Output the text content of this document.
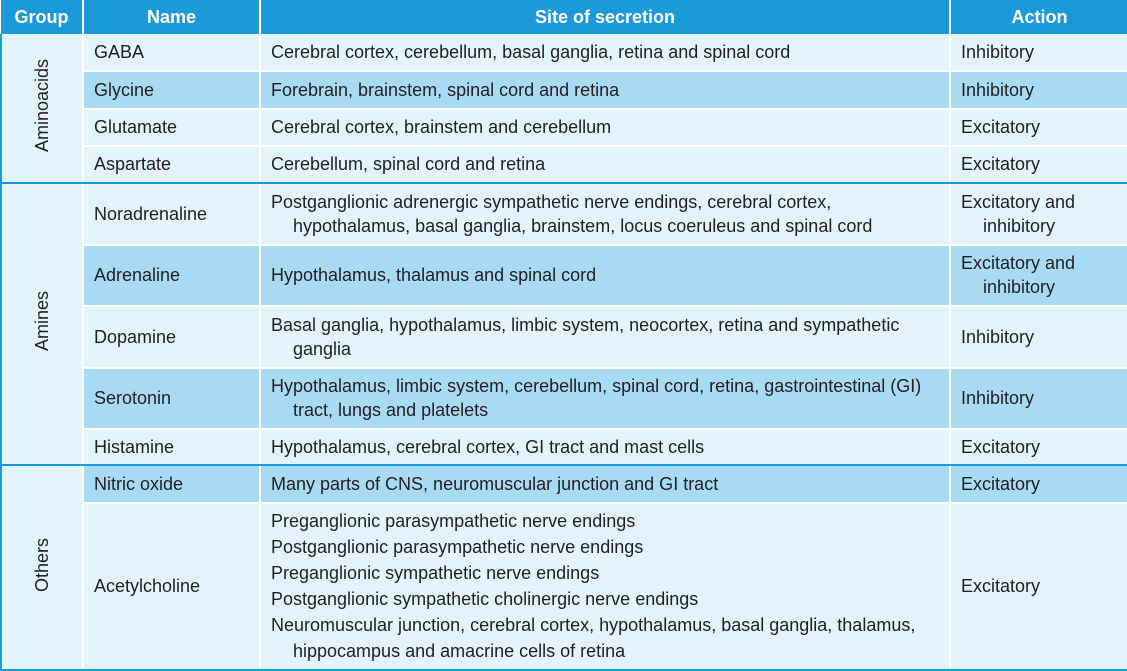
Group	Name	Site of secretion	Action
Aminoacids	GABA	Cerebral cortex, cerebellum, basal ganglia, retina and spinal cord	Inhibitory
	Glycine	Forebrain, brainstem, spinal cord and retina	Inhibitory
	Glutamate	Cerebral cortex, brainstem and cerebellum	Excitatory
	Aspartate	Cerebellum, spinal cord and retina	Excitatory
Amines	Noradrenaline	Postganglionic adrenergic sympathetic nerve endings, cerebral cortex, hypothalamus, basal ganglia, brainstem, locus coeruleus and spinal cord	Excitatory and
inhibitory

	Adrenaline	Hypothalamus, thalamus and spinal cord	Excitatory and
inhibitory

	Dopamine	Basal ganglia, hypothalamus, limbic system, neocortex, retina and sympathetic ganglia	Inhibitory
	Serotonin	Hypothalamus, limbic system, cerebellum, spinal cord, retina, gastrointestinal (GI) tract, lungs and platelets	Inhibitory
	Histamine	Hypothalamus, cerebral cortex, GI tract and mast cells	Excitatory
Others	Nitric oxide	Many parts of CNS, neuromuscular junction and GI tract	Excitatory
	Acetylcholine	Preganglionic parasympathetic nerve endings
Postganglionic parasympathetic nerve endings
Preganglionic sympathetic nerve endings
Postganglionic sympathetic cholinergic nerve endings
Neuromuscular junction, cerebral cortex, hypothalamus, basal ganglia, thalamus, hippocampus and amacrine cells of retina	Excitatory
